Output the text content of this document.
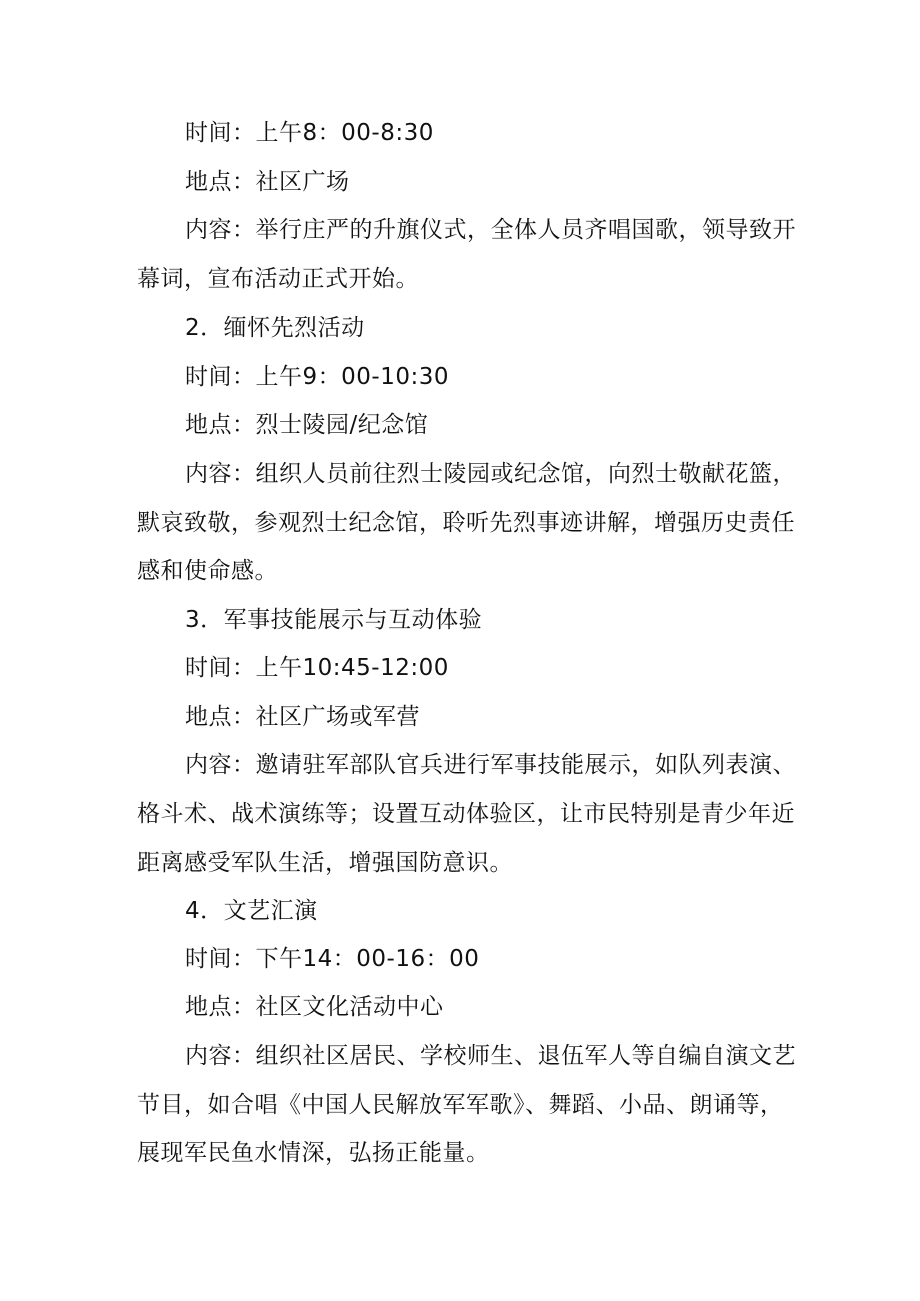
时间：上午8：00-8:30
地点：社区广场
内容：举行庄严的升旗仪式，全体人员齐唱国歌，领导致开
幕词，宣布活动正式开始。
2．缅怀先烈活动
时间：上午9：00-10:30
地点：烈士陵园/纪念馆
内容：组织人员前往烈士陵园或纪念馆，向烈士敬献花篮，
默哀致敬，参观烈士纪念馆，聆听先烈事迹讲解，增强历史责任
感和使命感。
3．军事技能展示与互动体验
时间：上午10:45-12:00
地点：社区广场或军营
内容：邀请驻军部队官兵进行军事技能展示，如队列表演、
格斗术、战术演练等；设置互动体验区，让市民特别是青少年近
距离感受军队生活，增强国防意识。
4．文艺汇演
时间：下午14：00-16：00
地点：社区文化活动中心
内容：组织社区居民、学校师生、退伍军人等自编自演文艺
节目，如合唱《中国人民解放军军歌》、舞蹈、小品、朗诵等，
展现军民鱼水情深，弘扬正能量。
